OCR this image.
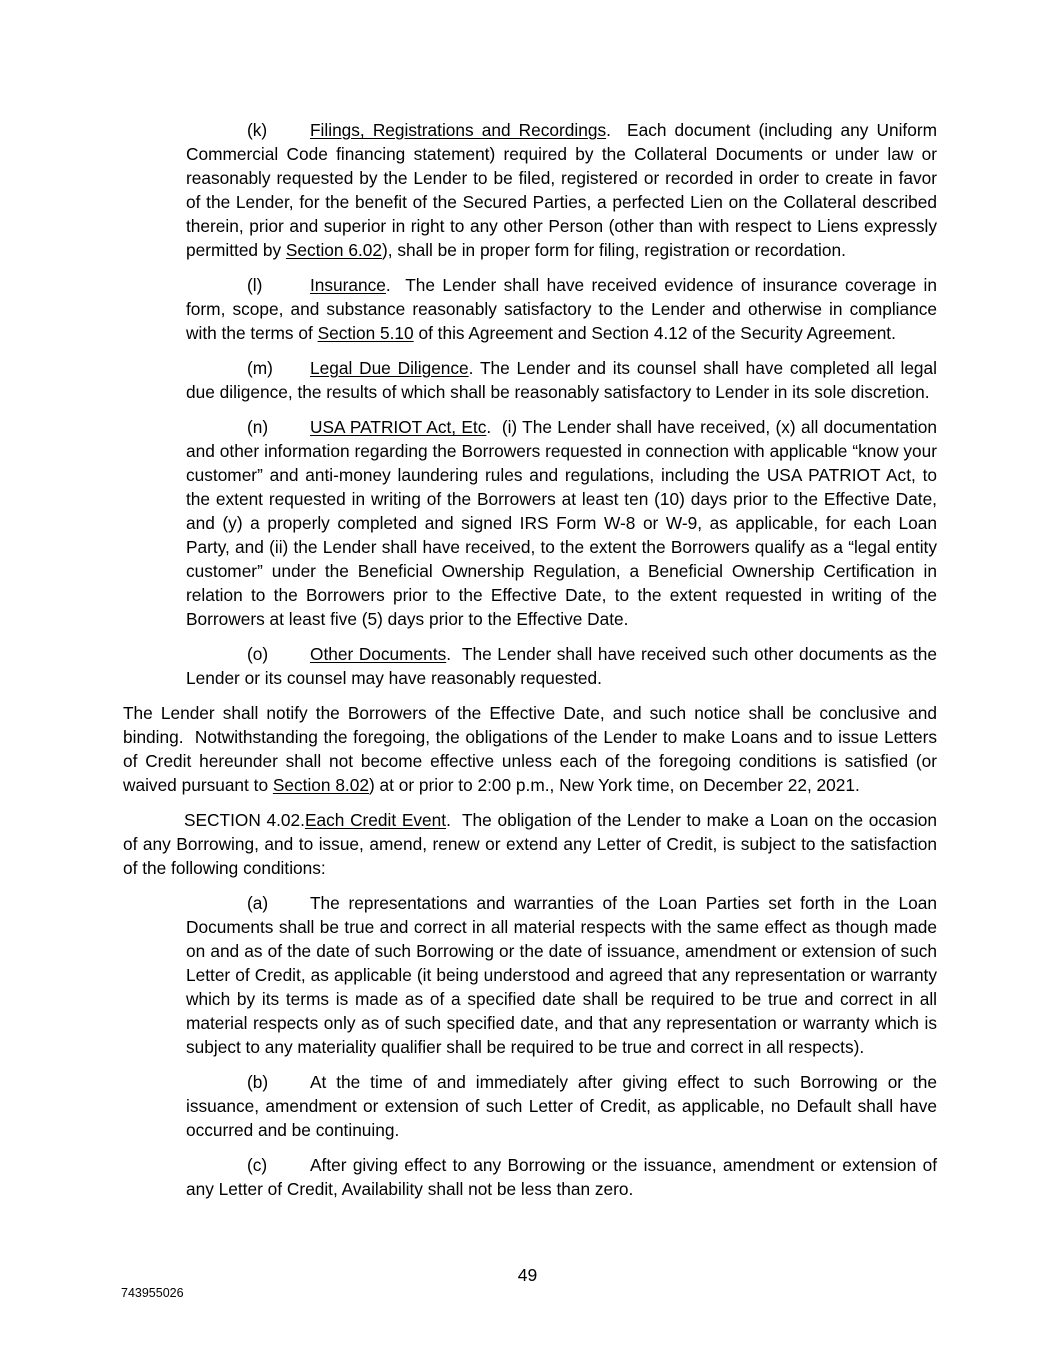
(k) Filings, Registrations and Recordings.  Each document (including any Uniform Commercial Code financing statement) required by the Collateral Documents or under law or reasonably requested by the Lender to be filed, registered or recorded in order to create in favor of the Lender, for the benefit of the Secured Parties, a perfected Lien on the Collateral described therein, prior and superior in right to any other Person (other than with respect to Liens expressly permitted by Section 6.02), shall be in proper form for filing, registration or recordation.

(l)	Insurance.  The Lender shall have received evidence of insurance coverage in form, scope, and substance reasonably satisfactory to the Lender and otherwise in compliance with the terms of Section 5.10 of this Agreement and Section 4.12 of the Security Agreement.

(m) Legal Due Diligence. The Lender and its counsel shall have completed all legal due diligence, the results of which shall be reasonably satisfactory to Lender in its sole discretion.

(n) USA PATRIOT Act, Etc.  (i) The Lender shall have received, (x) all documentation and other information regarding the Borrowers requested in connection with applicable “know your customer” and anti-money laundering rules and regulations, including the USA PATRIOT Act, to the extent requested in writing of the Borrowers at least ten (10) days prior to the Effective Date, and (y) a properly completed and signed IRS Form W-8 or W-9, as applicable, for each Loan Party, and (ii) the Lender shall have received, to the extent the Borrowers qualify as a “legal entity customer” under the Beneficial Ownership Regulation, a Beneficial Ownership Certification in relation to the Borrowers prior to the Effective Date, to the extent requested in writing of the Borrowers at least five (5) days prior to the Effective Date.

(o) Other Documents.  The Lender shall have received such other documents as the Lender or its counsel may have reasonably requested.

The Lender shall notify the Borrowers of the Effective Date, and such notice shall be conclusive and binding.  Notwithstanding the foregoing, the obligations of the Lender to make Loans and to issue Letters of Credit hereunder shall not become effective unless each of the foregoing conditions is satisfied (or waived pursuant to Section 8.02) at or prior to 2:00 p.m., New York time, on December 22, 2021.

SECTION 4.02.Each Credit Event.  The obligation of the Lender to make a Loan on the occasion of any Borrowing, and to issue, amend, renew or extend any Letter of Credit, is subject to the satisfaction of the following conditions:

(a) The representations and warranties of the Loan Parties set forth in the Loan Documents shall be true and correct in all material respects with the same effect as though made on and as of the date of such Borrowing or the date of issuance, amendment or extension of such Letter of Credit, as applicable (it being understood and agreed that any representation or warranty which by its terms is made as of a specified date shall be required to be true and correct in all material respects only as of such specified date, and that any representation or warranty which is subject to any materiality qualifier shall be required to be true and correct in all respects).

(b) At the time of and immediately after giving effect to such Borrowing or the issuance, amendment or extension of such Letter of Credit, as applicable, no Default shall have occurred and be continuing.

(c) After giving effect to any Borrowing or the issuance, amendment or extension of any Letter of Credit, Availability shall not be less than zero.

49
743955026
